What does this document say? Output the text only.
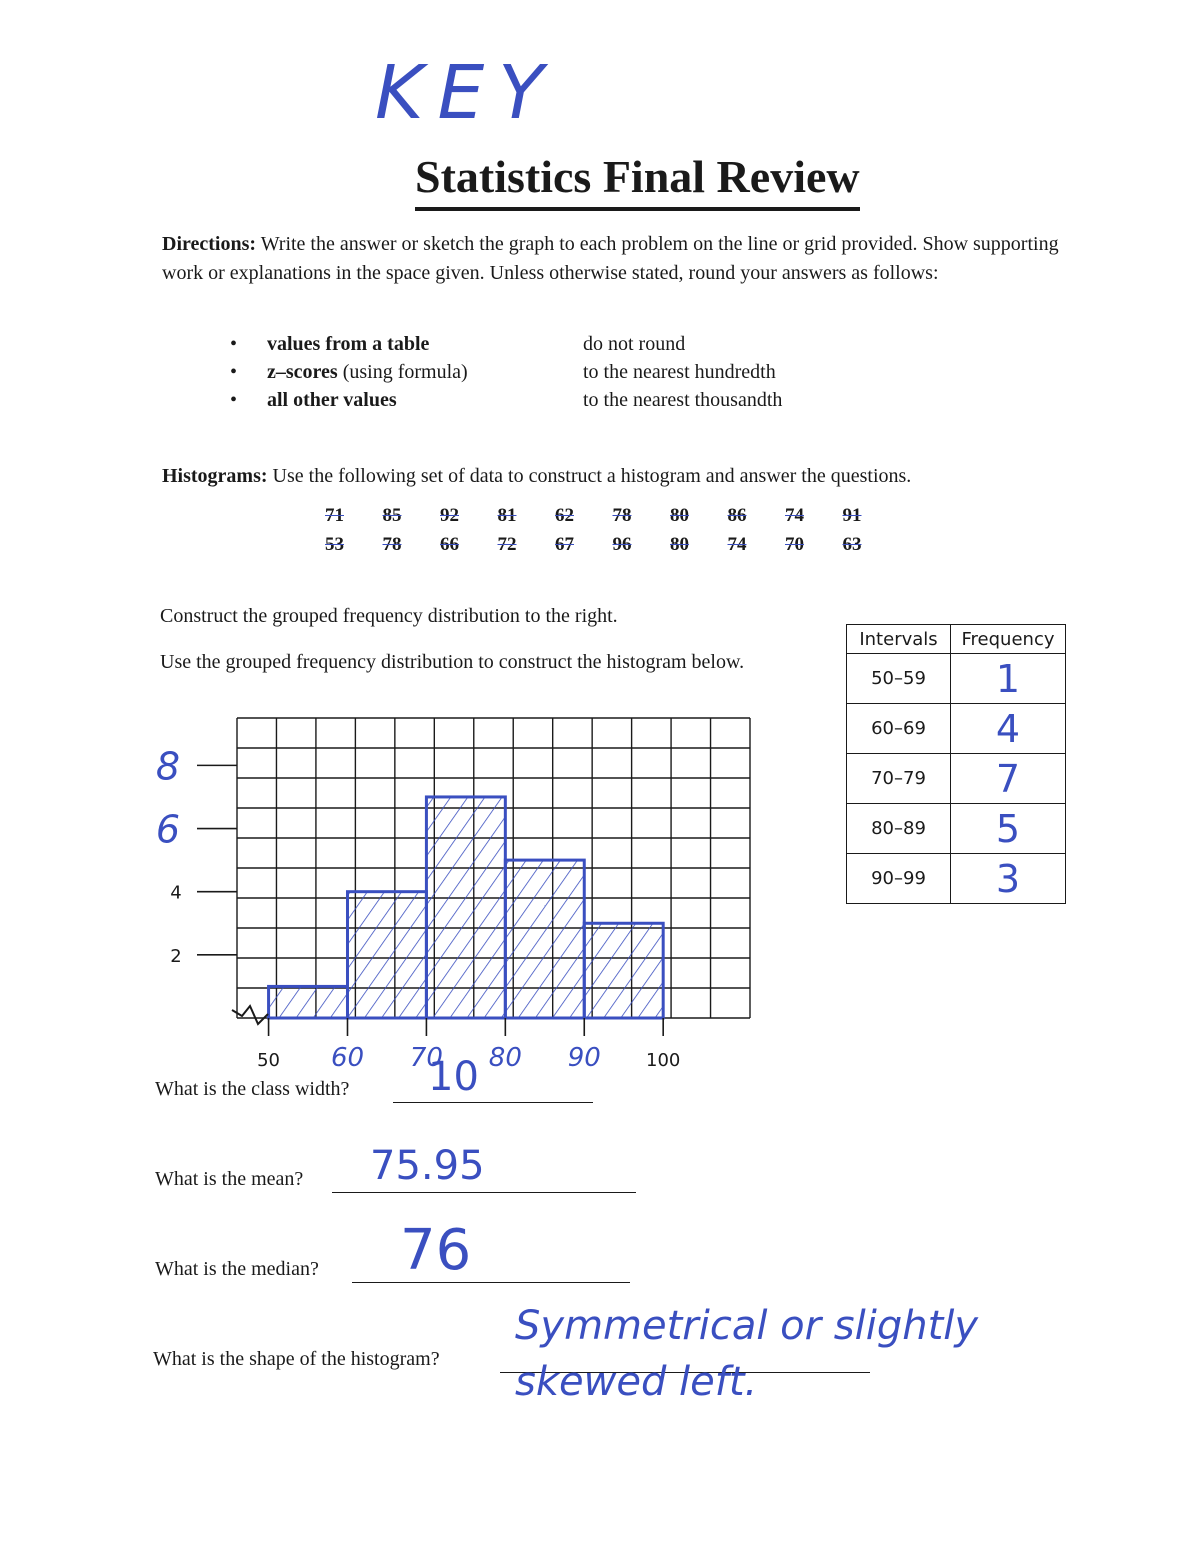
KEY
Statistics Final Review
Directions: Write the answer or sketch the graph to each problem on the line or grid provided. Show supporting work or explanations in the space given. Unless otherwise stated, round your answers as follows:
• values from a table	do not round
• z–scores (using formula)	to the nearest hundredth
• all other values	to the nearest thousandth
Histograms: Use the following set of data to construct a histogram and answer the questions.
71	85	92	81	62	78	80	86	74	91
53	78	66	72	67	96	80	74	70	63
Construct the grouped frequency distribution to the right.
Use the grouped frequency distribution to construct the histogram below.
Intervals	Frequency
50–59	1
60–69	4
70–79	7
80–89	5
90–99	3
50 60 70 80 90	100
2
4
6
8
What is the class width? 10
What is the mean? 75.95
What is the median? 76
What is the shape of the histogram?
Symmetrical or slightly skewed left.
